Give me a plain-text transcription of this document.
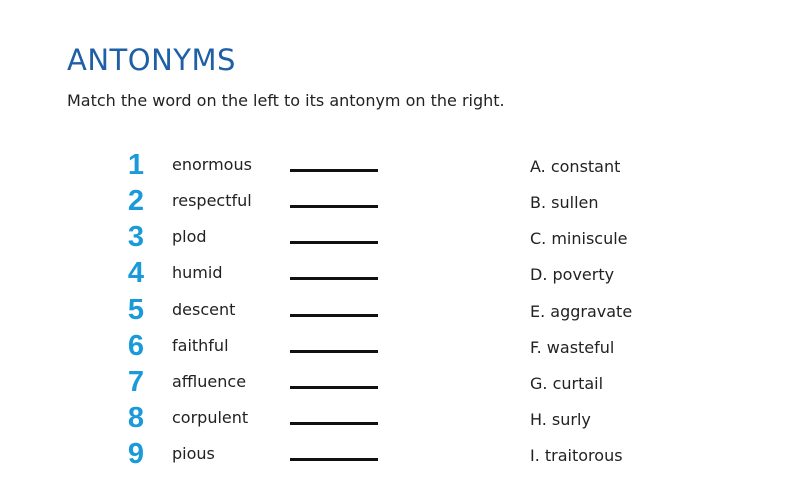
ANTONYMS

Match the word on the left to its antonym on the right.

1	enormous	A. constant
2	respectful	B. sullen
3	plod	C. miniscule
4	humid	D. poverty
5	descent	E. aggravate
6	faithful	F. wasteful
7	affluence	G. curtail
8	corpulent	H. surly
9	pious	I. traitorous
